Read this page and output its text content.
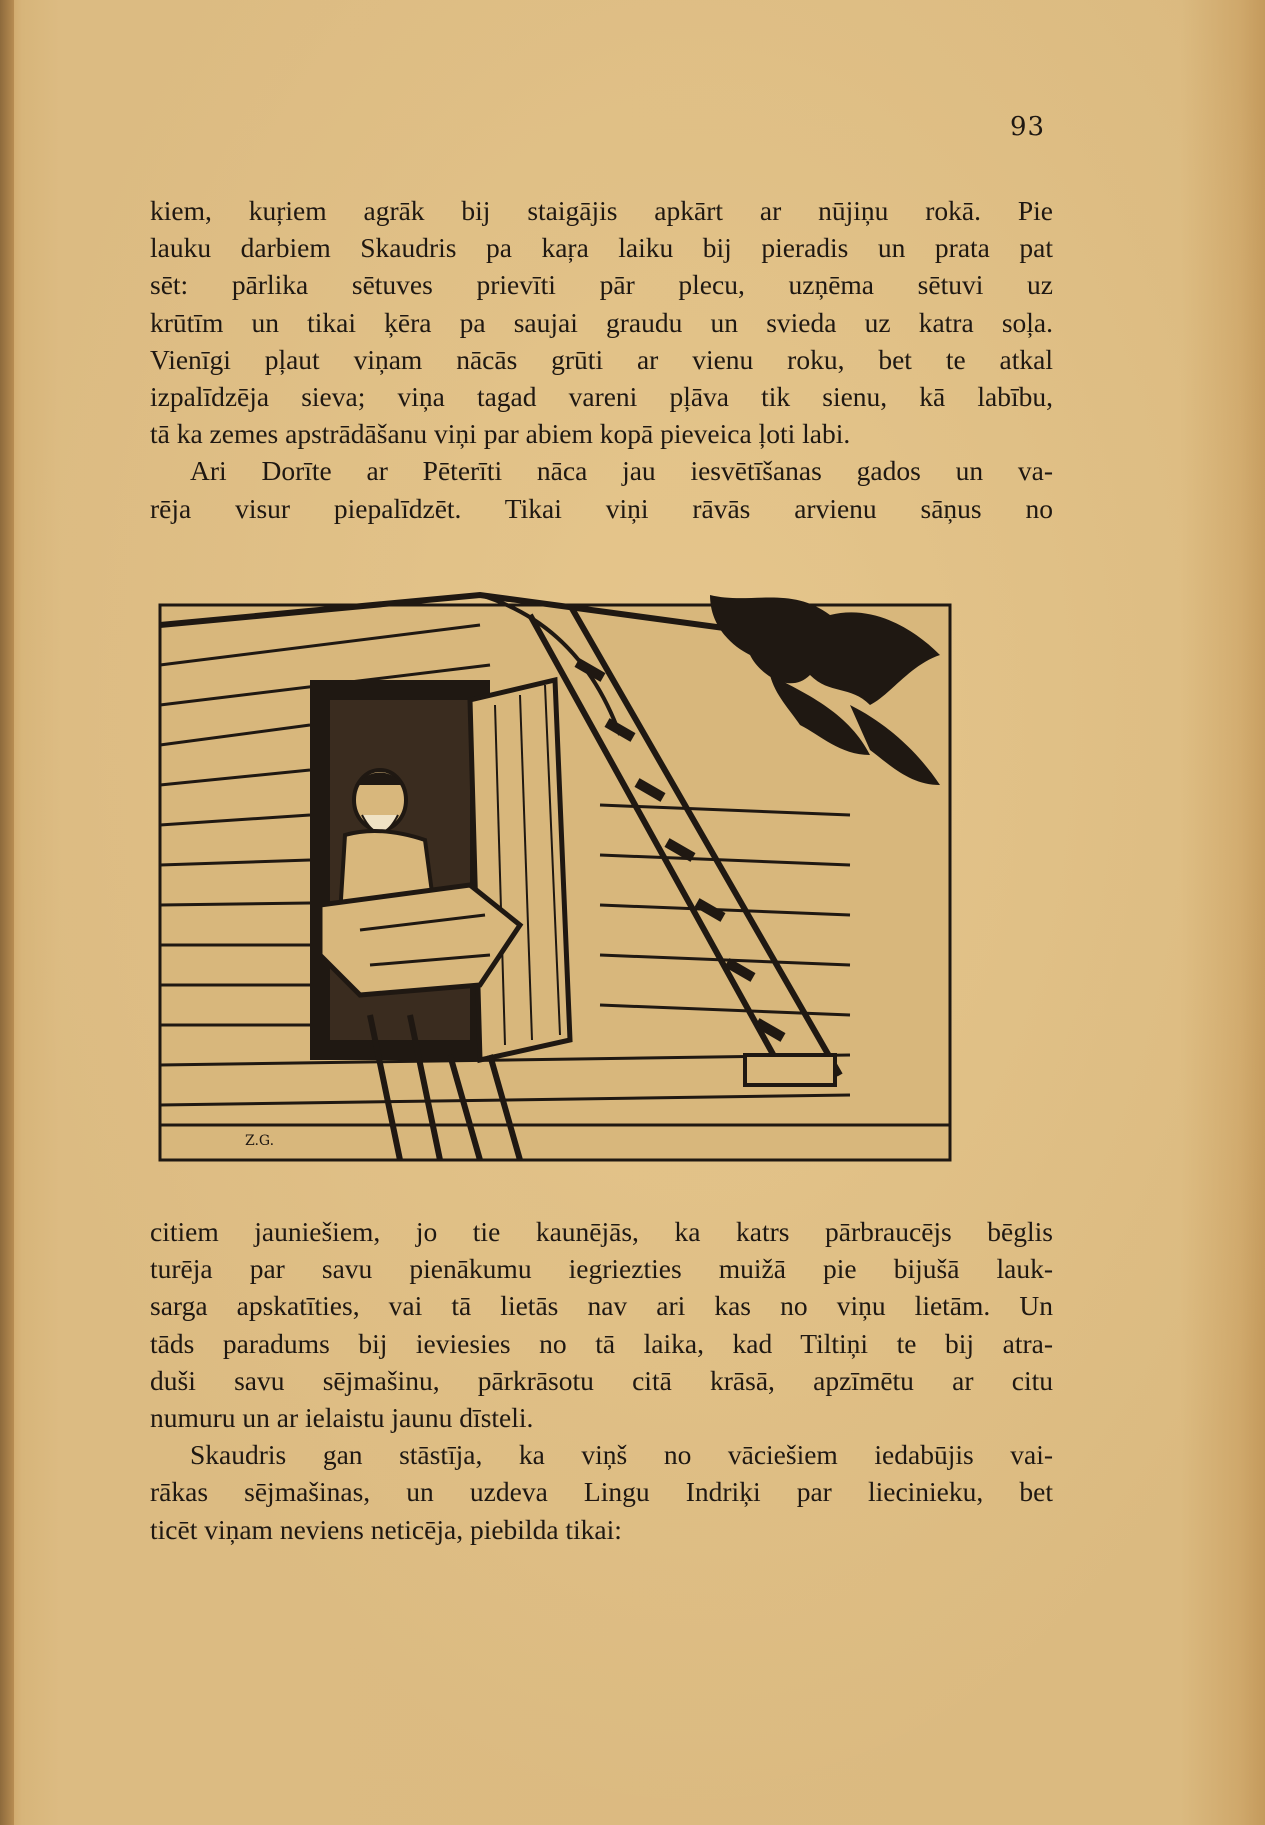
93
kiem, kuŗiem agrāk bij staigājis apkārt ar nūjiņu rokā. Pie
lauku darbiem Skaudris pa kaŗa laiku bij pieradis un prata pat
sēt: pārlika sētuves prievīti pār plecu, uzņēma sētuvi uz
krūtīm un tikai ķēra pa saujai graudu un svieda uz katra soļa.
Vienīgi pļaut viņam nācās grūti ar vienu roku, bet te atkal
izpalīdzēja sieva; viņa tagad vareni pļāva tik sienu, kā labību,
tā ka zemes apstrādāšanu viņi par abiem kopā pieveica ļoti labi.
Ari Dorīte ar Pēterīti nāca jau iesvētīšanas gados un va-
rēja visur piepalīdzēt. Tikai viņi rāvās arvienu sāņus no
Z.G.
citiem jauniešiem, jo tie kaunējās, ka katrs pārbraucējs bēglis
turēja par savu pienākumu iegriezties muižā pie bijušā lauk-
sarga apskatīties, vai tā lietās nav ari kas no viņu lietām. Un
tāds paradums bij ieviesies no tā laika, kad Tiltiņi te bij atra-
duši savu sējmašinu, pārkrāsotu citā krāsā, apzīmētu ar citu
numuru un ar ielaistu jaunu dīsteli.
Skaudris gan stāstīja, ka viņš no vāciešiem iedabūjis vai-
rākas sējmašinas, un uzdeva Lingu Indriķi par liecinieku, bet
ticēt viņam neviens neticēja, piebilda tikai:
